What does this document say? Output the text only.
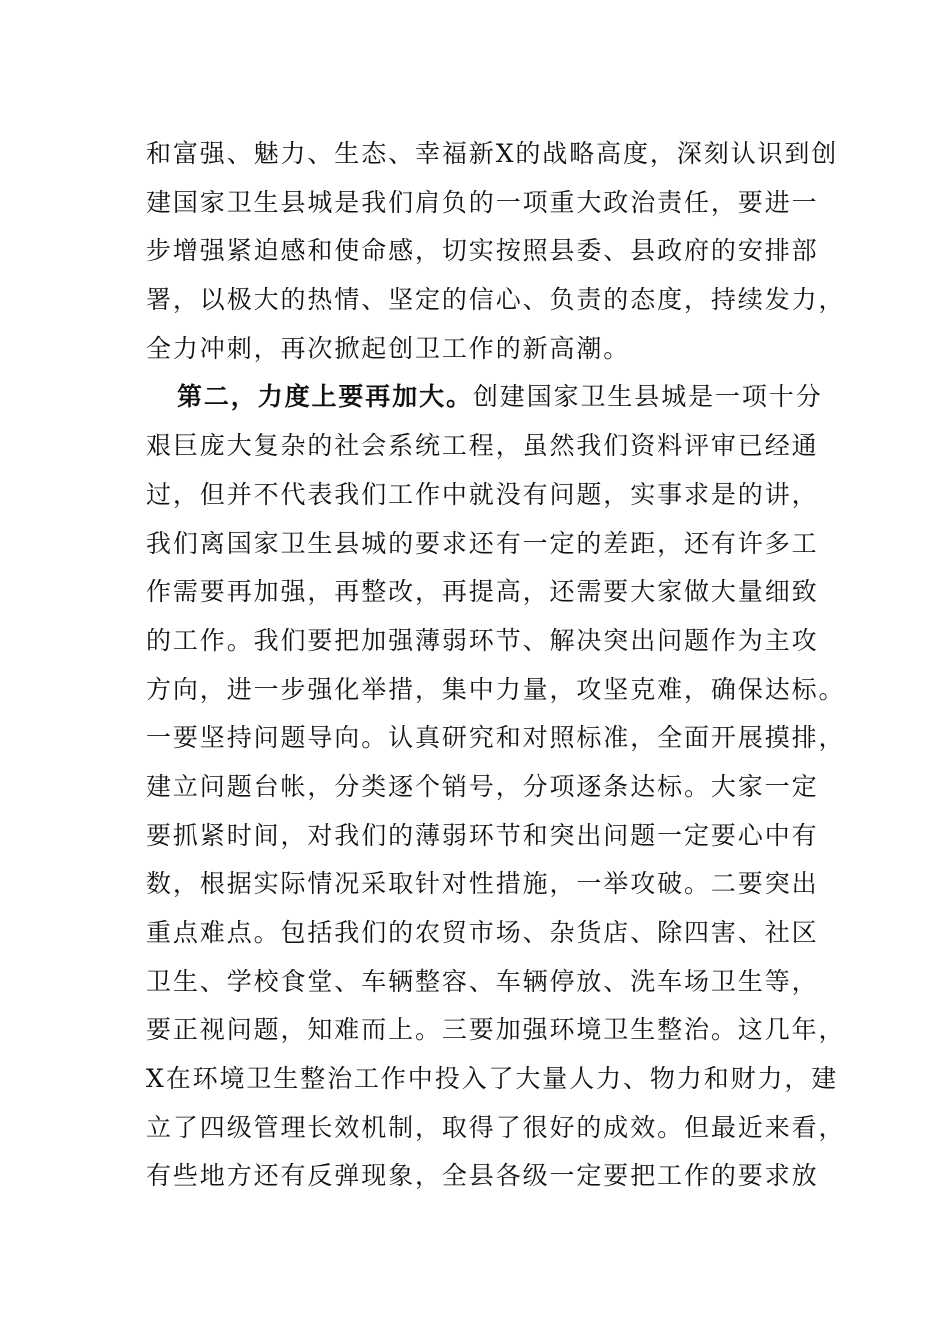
和富强、魅力、生态、幸福新X的战略高度，深刻认识到创
建国家卫生县城是我们肩负的一项重大政治责任，要进一
步增强紧迫感和使命感，切实按照县委、县政府的安排部
署，以极大的热情、坚定的信心、负责的态度，持续发力，
全力冲刺，再次掀起创卫工作的新高潮。
第二，力度上要再加大。创建国家卫生县城是一项十分
艰巨庞大复杂的社会系统工程，虽然我们资料评审已经通
过，但并不代表我们工作中就没有问题，实事求是的讲，
我们离国家卫生县城的要求还有一定的差距，还有许多工
作需要再加强，再整改，再提高，还需要大家做大量细致
的工作。我们要把加强薄弱环节、解决突出问题作为主攻
方向，进一步强化举措，集中力量，攻坚克难，确保达标。
一要坚持问题导向。认真研究和对照标准，全面开展摸排，
建立问题台帐，分类逐个销号，分项逐条达标。大家一定
要抓紧时间，对我们的薄弱环节和突出问题一定要心中有
数，根据实际情况采取针对性措施，一举攻破。二要突出
重点难点。包括我们的农贸市场、杂货店、除四害、社区
卫生、学校食堂、车辆整容、车辆停放、洗车场卫生等，
要正视问题，知难而上。三要加强环境卫生整治。这几年，
X在环境卫生整治工作中投入了大量人力、物力和财力，建
立了四级管理长效机制，取得了很好的成效。但最近来看，
有些地方还有反弹现象，全县各级一定要把工作的要求放
